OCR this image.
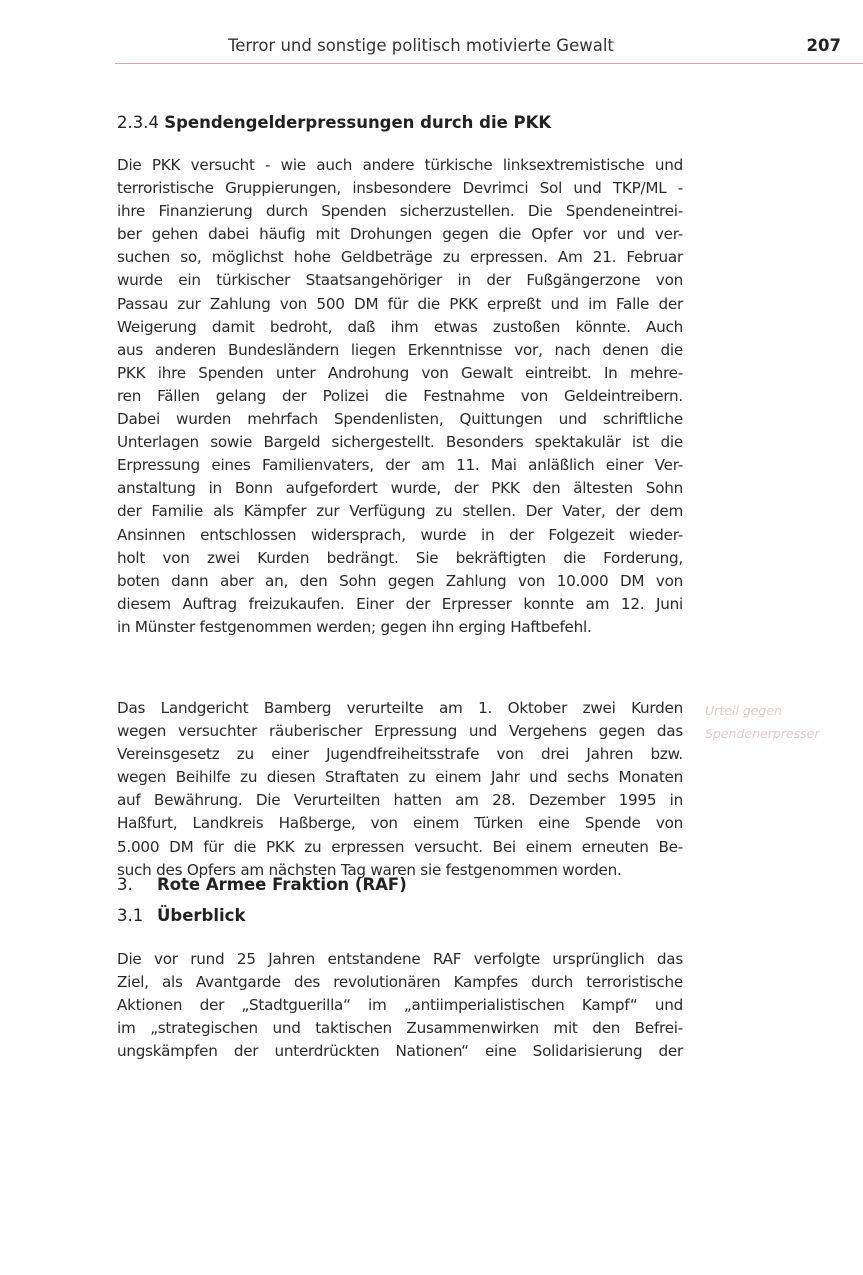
Terror und sonstige politisch motivierte Gewalt	207
2.3.4 Spendengelderpressungen durch die PKK
Die PKK versucht - wie auch andere türkische linksextremistische und
terroristische Gruppierungen, insbesondere Devrimci Sol und TKP/ML -
ihre Finanzierung durch Spenden sicherzustellen. Die Spendeneintrei-
ber gehen dabei häufig mit Drohungen gegen die Opfer vor und ver-
suchen so, möglichst hohe Geldbeträge zu erpressen. Am 21. Februar
wurde ein türkischer Staatsangehöriger in der Fußgängerzone von
Passau zur Zahlung von 500 DM für die PKK erpreßt und im Falle der
Weigerung damit bedroht, daß ihm etwas zustoßen könnte. Auch
aus anderen Bundesländern liegen Erkenntnisse vor, nach denen die
PKK ihre Spenden unter Androhung von Gewalt eintreibt. In mehre-
ren Fällen gelang der Polizei die Festnahme von Geldeintreibern.
Dabei wurden mehrfach Spendenlisten, Quittungen und schriftliche
Unterlagen sowie Bargeld sichergestellt. Besonders spektakulär ist die
Erpressung eines Familienvaters, der am 11. Mai anläßlich einer Ver-
anstaltung in Bonn aufgefordert wurde, der PKK den ältesten Sohn
der Familie als Kämpfer zur Verfügung zu stellen. Der Vater, der dem
Ansinnen entschlossen widersprach, wurde in der Folgezeit wieder-
holt von zwei Kurden bedrängt. Sie bekräftigten die Forderung,
boten dann aber an, den Sohn gegen Zahlung von 10.000 DM von
diesem Auftrag freizukaufen. Einer der Erpresser konnte am 12. Juni
in Münster festgenommen werden; gegen ihn erging Haftbefehl.
Das Landgericht Bamberg verurteilte am 1. Oktober zwei Kurden
wegen versuchter räuberischer Erpressung und Vergehens gegen das
Vereinsgesetz zu einer Jugendfreiheitsstrafe von drei Jahren bzw.
wegen Beihilfe zu diesen Straftaten zu einem Jahr und sechs Monaten
auf Bewährung. Die Verurteilten hatten am 28. Dezember 1995 in
Haßfurt, Landkreis Haßberge, von einem Türken eine Spende von
5.000 DM für die PKK zu erpressen versucht. Bei einem erneuten Be-
such des Opfers am nächsten Tag waren sie festgenommen worden.
Urteil gegen
Spendenerpresser
3. Rote Armee Fraktion (RAF)
3.1 Überblick
Die vor rund 25 Jahren entstandene RAF verfolgte ursprünglich das
Ziel, als Avantgarde des revolutionären Kampfes durch terroristische
Aktionen der „Stadtguerilla“ im „antiimperialistischen Kampf“ und
im „strategischen und taktischen Zusammenwirken mit den Befrei-
ungskämpfen der unterdrückten Nationen“ eine Solidarisierung der
